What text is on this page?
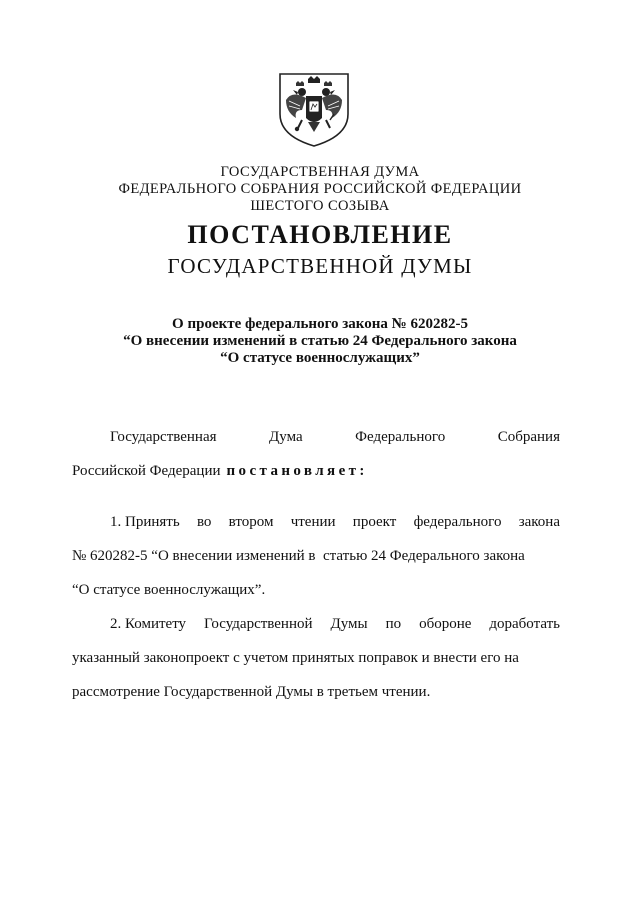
ГОСУДАРСТВЕННАЯ ДУМА
ФЕДЕРАЛЬНОГО СОБРАНИЯ РОССИЙСКОЙ ФЕДЕРАЦИИ
ШЕСТОГО СОЗЫВА
ПОСТАНОВЛЕНИЕ
ГОСУДАРСТВЕННОЙ ДУМЫ
О проекте федерального закона № 620282-5
“О внесении изменений в статью 24 Федерального закона
“О статусе военнослужащих”
Государственная	Дума	Федерального	Собрания
Российской Федерации постановляет:
1. Принять во втором чтении проект федерального закона
№ 620282-5 “О внесении изменений в  статью 24 Федерального закона
“О статусе военнослужащих”.
2. Комитету Государственной Думы по обороне доработать
указанный законопроект с учетом принятых поправок и внести его на
рассмотрение Государственной Думы в третьем чтении.
